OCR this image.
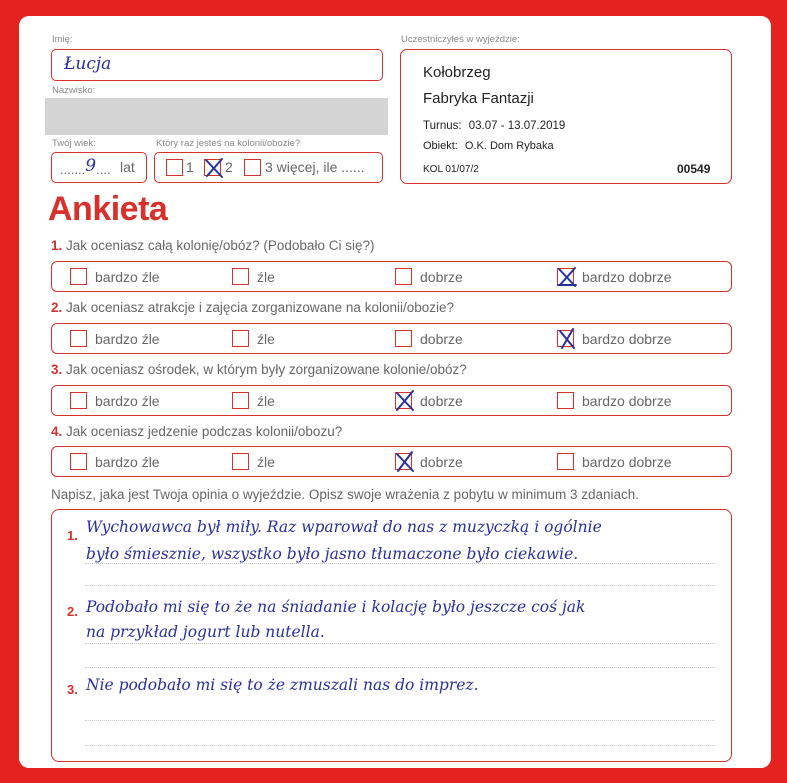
Imię:
Łucja
Nazwisko:
Twój wiek:
.......9.... lat
Który raz jesteś na kolonii/obozie?
1 2 3 więcej, ile ......
Uczestniczyłeś w wyjeździe:
Kołobrzeg
Fabryka Fantazji
Turnus: 03.07 - 13.07.2019
Obiekt: O.K. Dom Rybaka
KOL 01/07/2	00549
Ankieta
1. Jak oceniasz całą kolonię/obóz? (Podobało Ci się?)
bardzo źle	źle	dobrze	bardzo dobrze
2. Jak oceniasz atrakcje i zajęcia zorganizowane na kolonii/obozie?
bardzo źle	źle	dobrze	bardzo dobrze
3. Jak oceniasz ośrodek, w którym były zorganizowane kolonie/obóz?
bardzo źle	źle	dobrze	bardzo dobrze
4. Jak oceniasz jedzenie podczas kolonii/obozu?
bardzo źle	źle	dobrze	bardzo dobrze
Napisz, jaka jest Twoja opinia o wyjeździe. Opisz swoje wrażenia z pobytu w minimum 3 zdaniach.
1. Wychowawca był miły. Raz wparował do nas z muzyczką i ogólnie
było śmiesznie, wszystko było jasno tłumaczone było ciekawie.
2. Podobało mi się to że na śniadanie i kolację było jeszcze coś jak
na przykład jogurt lub nutella.
3. Nie podobało mi się to że zmuszali nas do imprez.
